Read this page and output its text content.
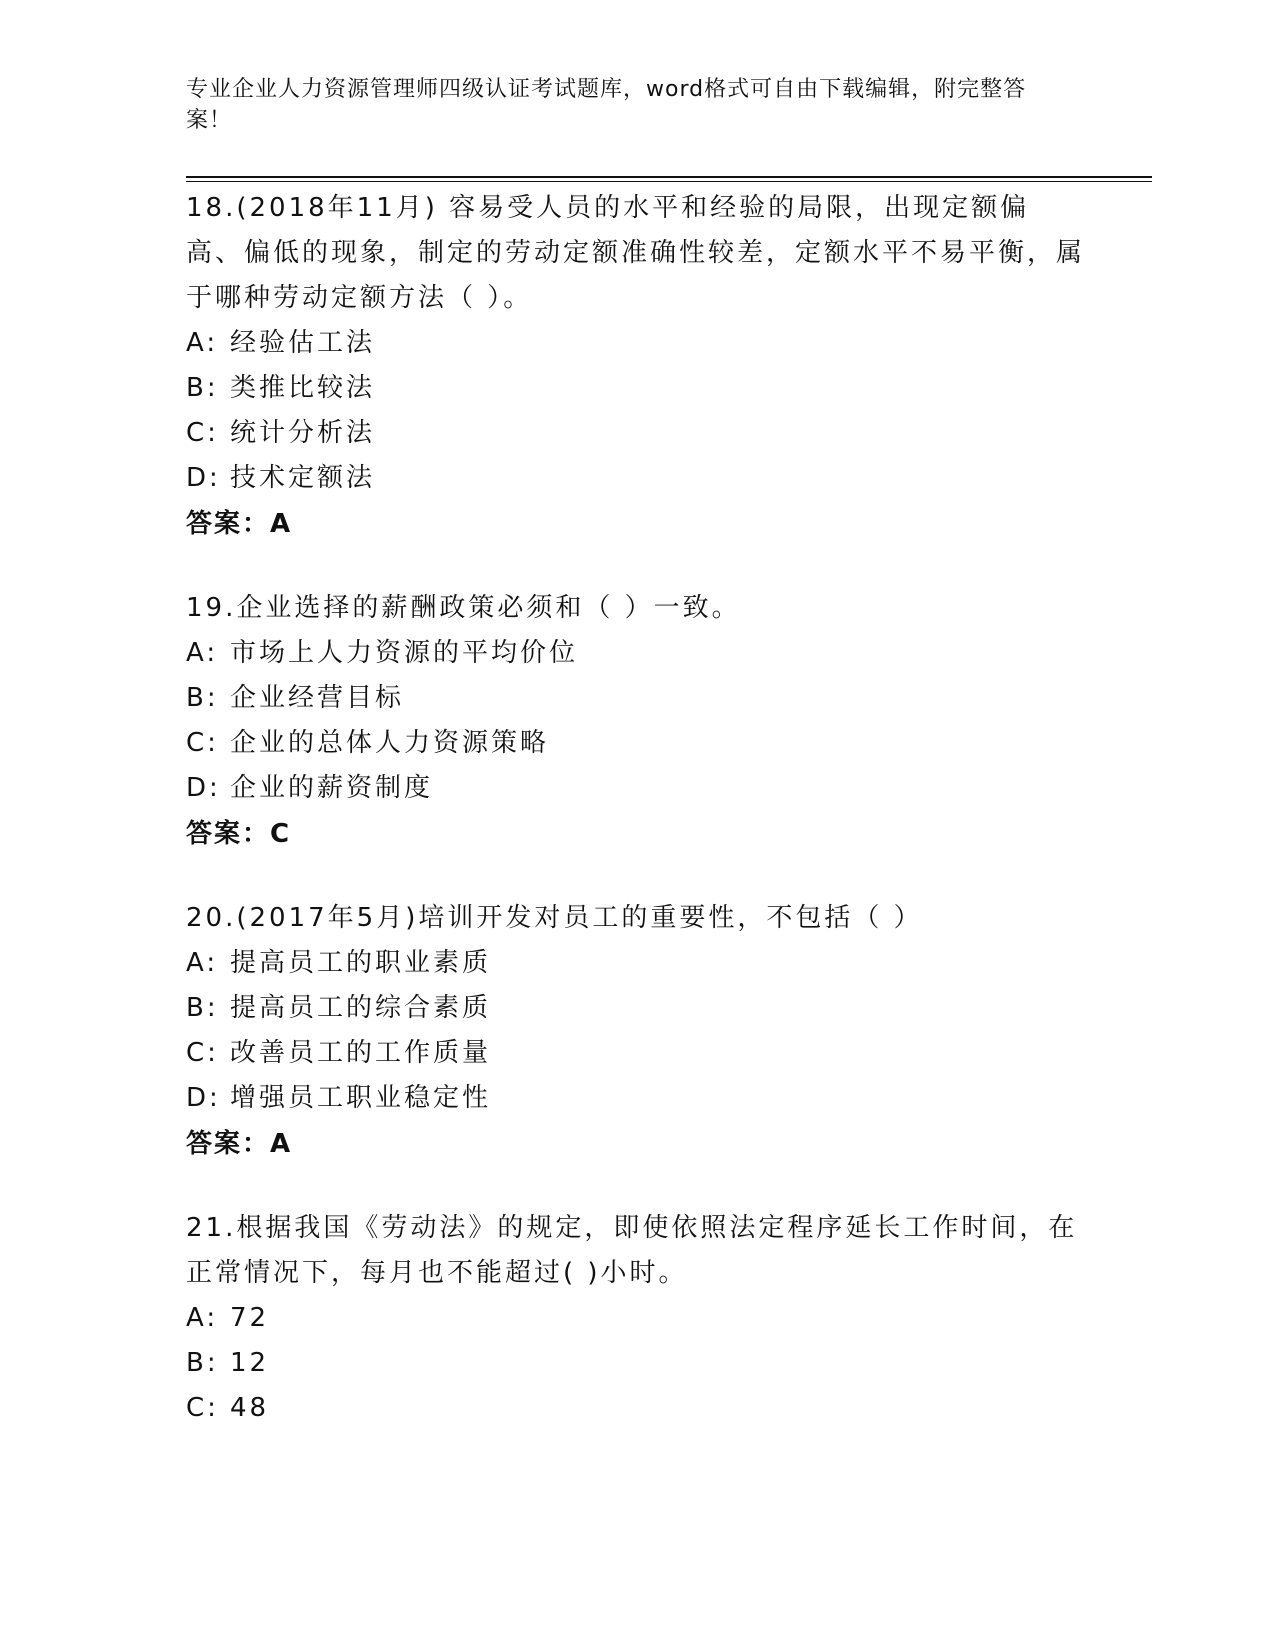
专业企业人力资源管理师四级认证考试题库，word格式可自由下载编辑，附完整答案！
18.(2018年11月) 容易受人员的水平和经验的局限，出现定额偏高、偏低的现象，制定的劳动定额准确性较差，定额水平不易平衡，属于哪种劳动定额方法（ ）。
A: 经验估工法
B: 类推比较法
C: 统计分析法
D: 技术定额法
答案：A
19.企业选择的薪酬政策必须和（ ）一致。
A: 市场上人力资源的平均价位
B: 企业经营目标
C: 企业的总体人力资源策略
D: 企业的薪资制度
答案：C
20.(2017年5月)培训开发对员工的重要性，不包括（ ）
A: 提高员工的职业素质
B: 提高员工的综合素质
C: 改善员工的工作质量
D: 增强员工职业稳定性
答案：A
21.根据我国《劳动法》的规定，即使依照法定程序延长工作时间，在正常情况下，每月也不能超过( )小时。
A: 72
B: 12
C: 48
